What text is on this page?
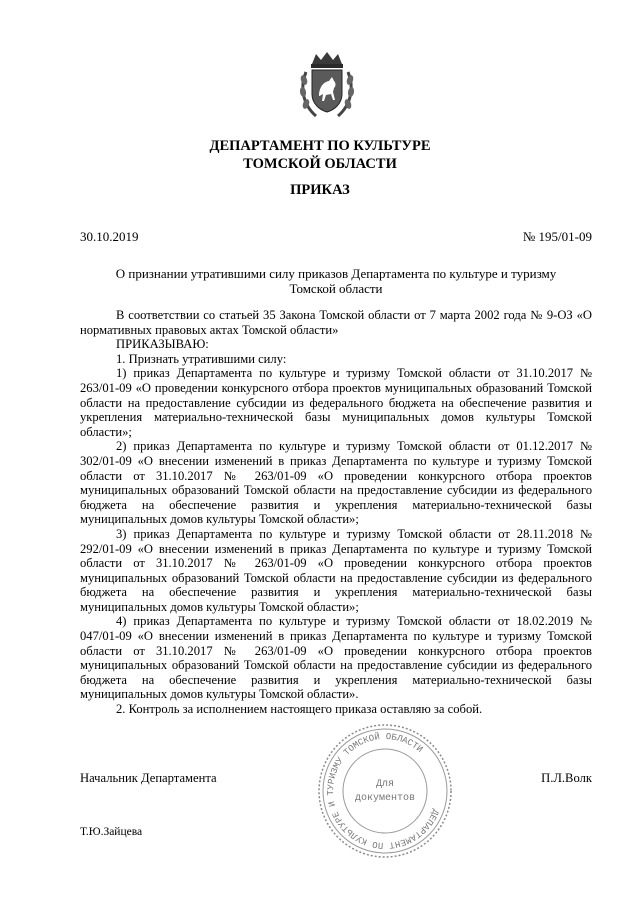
ДЕПАРТАМЕНТ ПО КУЛЬТУРЕ
ТОМСКОЙ ОБЛАСТИ
ПРИКАЗ
30.10.2019	№ 195/01-09
О признании утратившими силу приказов Департамента по культуре и туризму
Томской области

В соответствии со статьей 35 Закона Томской области от 7 марта 2002 года № 9-ОЗ «О нормативных правовых актах Томской области»

ПРИКАЗЫВАЮ:

1. Признать утратившими силу:

1) приказ Департамента по культуре и туризму Томской области от 31.10.2017 № 263/01-09 «О проведении конкурсного отбора проектов муниципальных образований Томской области на предоставление субсидии из федерального бюджета на обеспечение развития и укрепления материально-технической базы муниципальных домов культуры Томской области»;

2) приказ Департамента по культуре и туризму Томской области от 01.12.2017 № 302/01-09 «О внесении изменений в приказ Департамента по культуре и туризму Томской области от 31.10.2017 № 263/01-09 «О проведении конкурсного отбора проектов муниципальных образований Томской области на предоставление субсидии из федерального бюджета на обеспечение развития и укрепления материально-технической базы муниципальных домов культуры Томской области»;

3) приказ Департамента по культуре и туризму Томской области от 28.11.2018 № 292/01-09 «О внесении изменений в приказ Департамента по культуре и туризму Томской области от 31.10.2017 № 263/01-09 «О проведении конкурсного отбора проектов муниципальных образований Томской области на предоставление субсидии из федерального бюджета на обеспечение развития и укрепления материально-технической базы муниципальных домов культуры Томской области»;

4) приказ Департамента по культуре и туризму Томской области от 18.02.2019 № 047/01-09 «О внесении изменений в приказ Департамента по культуре и туризму Томской области от 31.10.2017 № 263/01-09 «О проведении конкурсного отбора проектов муниципальных образований Томской области на предоставление субсидии из федерального бюджета на обеспечение развития и укрепления материально-технической базы муниципальных домов культуры Томской области».

2. Контроль за исполнением настоящего приказа оставляю за собой.

Начальник Департамента	П.Л.Волк
ДЕПАРТАМЕНТ ПО КУЛЬТУРЕ И ТУРИЗМУ ТОМСКОЙ ОБЛАСТИ
Для
документов
Т.Ю.Зайцева
